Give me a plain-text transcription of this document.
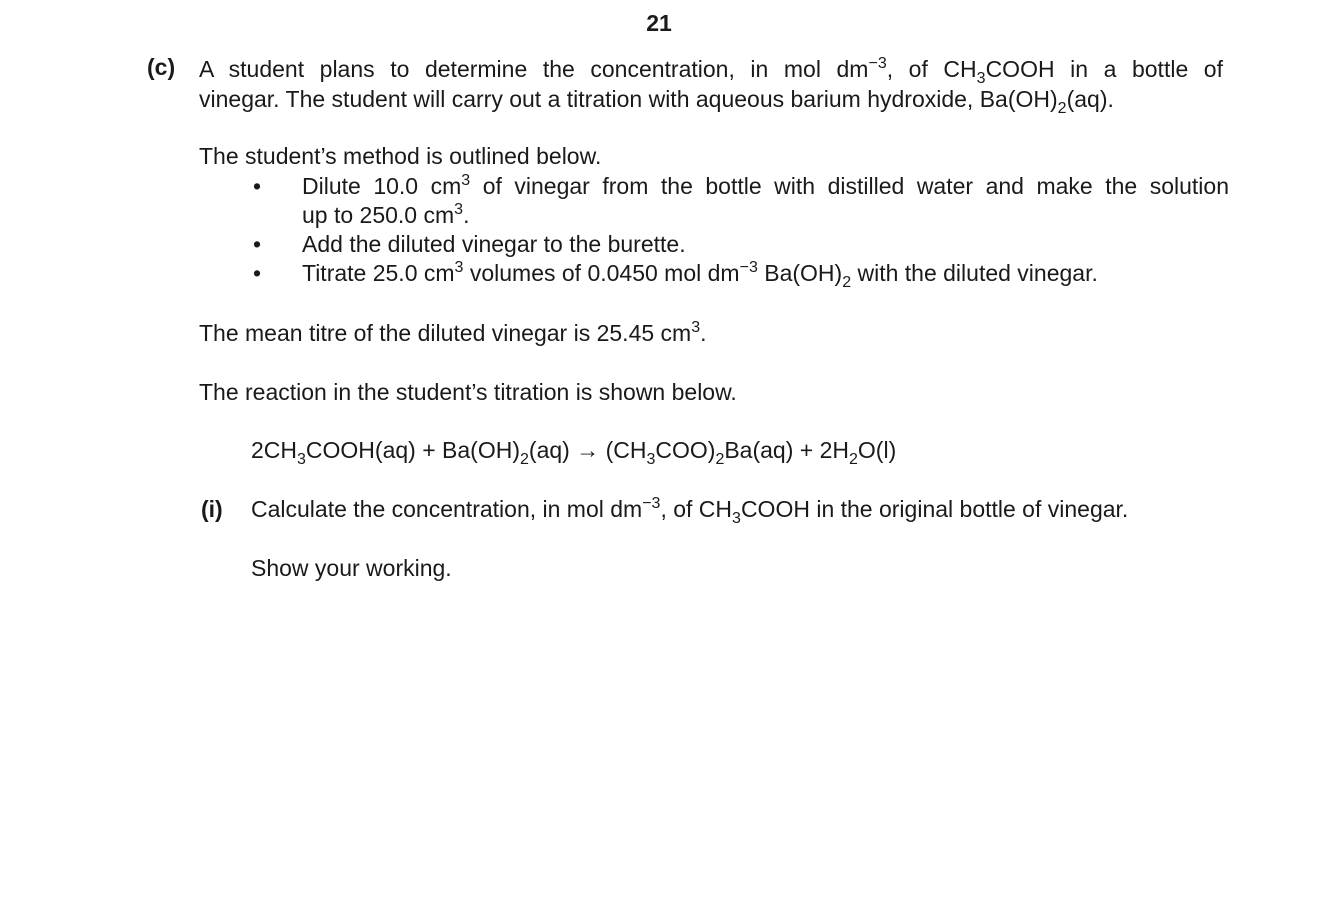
21
(c) A student plans to determine the concentration, in mol $dm^{-3}$, of $CH_3COOH$ in a bottle of
vinegar. The student will carry out a titration with aqueous barium hydroxide, $Ba(OH)_2(aq)$.
The student’s method is outlined below.
• Dilute 10.0 $cm^3$ of vinegar from the bottle with distilled water and make the solution
up to 250.0 $cm^3$.
• Add the diluted vinegar to the burette.
• Titrate 25.0 $cm^3$ volumes of 0.0450 mol $dm^{-3}$ $Ba(OH)_2$ with the diluted vinegar.
The mean titre of the diluted vinegar is 25.45 $cm^3$.
The reaction in the student’s titration is shown below.
$2CH_3COOH(aq) + Ba(OH)_2(aq) \to (CH_3COO)_2Ba(aq) + 2H_2O(l)$
(i) Calculate the concentration, in mol $dm^{-3}$, of $CH_3COOH$ in the original bottle of vinegar.
Show your working.
